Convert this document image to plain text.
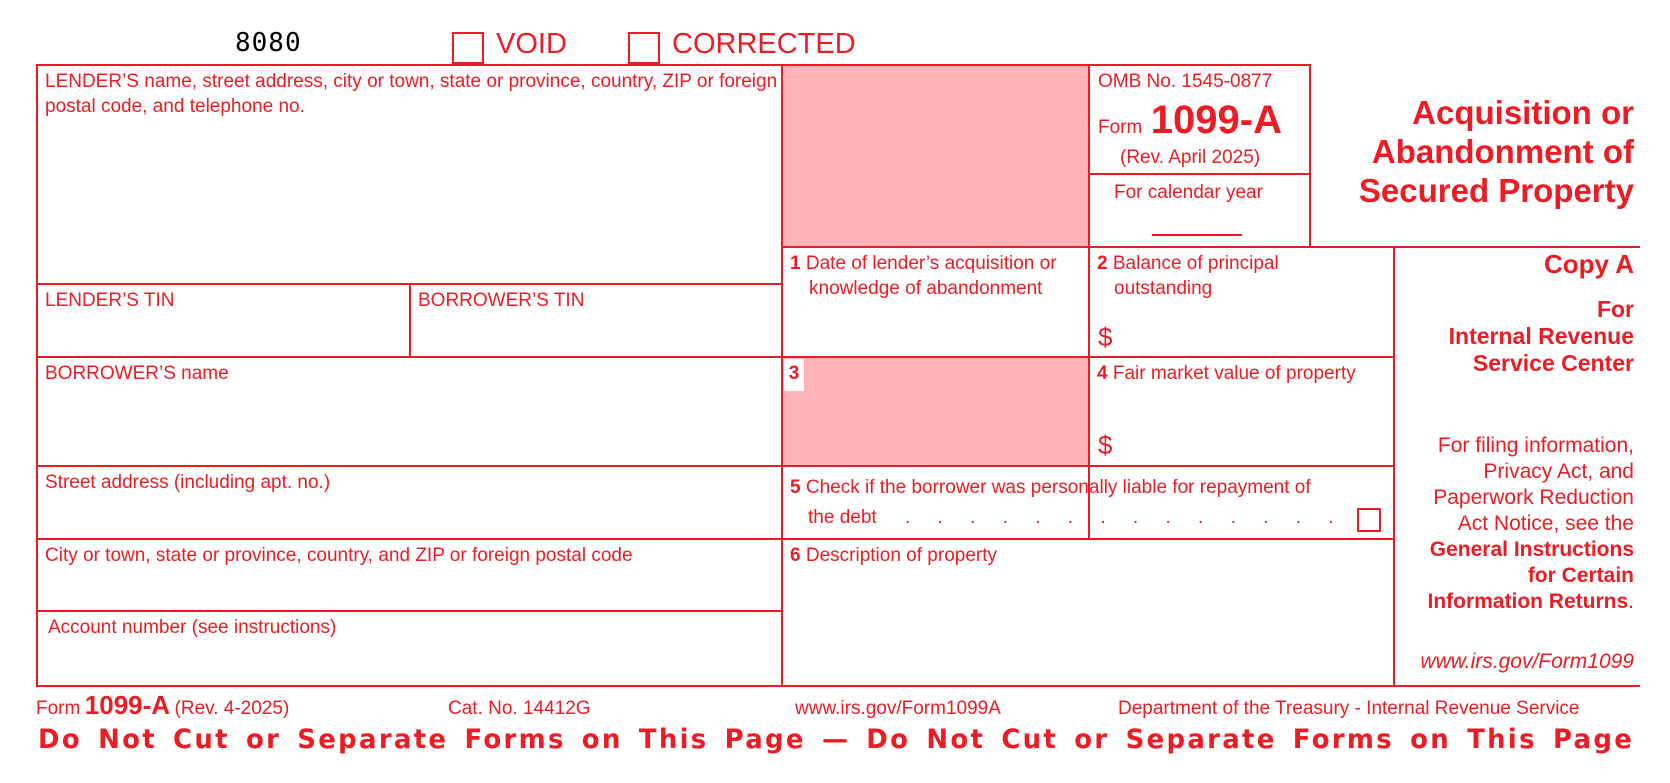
8080	VOID	CORRECTED
LENDER’S name, street address, city or town, state or province, country, ZIP or foreign postal code, and telephone no.
LENDER’S TIN	BORROWER’S TIN
BORROWER’S name
Street address (including apt. no.)
City or town, state or province, country, and ZIP or foreign postal code
Account number (see instructions)
OMB No. 1545-0877
Form 1099-A
(Rev. April 2025)
For calendar year
Acquisition or
Abandonment of
Secured Property
1 Date of lender’s acquisition or
knowledge of abandonment
2 Balance of principal
outstanding
$
3	4 Fair market value of property
$
5 Check if the borrower was personally liable for repayment of
the debt . . . . . . . . . . . . . .
6 Description of property
Copy A
For
Internal Revenue
Service Center
For filing information,
Privacy Act, and
Paperwork Reduction
Act Notice, see the
General Instructions
for Certain
Information Returns.
www.irs.gov/Form1099
Form 1099-A (Rev. 4-2025)	Cat. No. 14412G	www.irs.gov/Form1099A	Department of the Treasury - Internal Revenue Service
Do Not Cut or Separate Forms on This Page — Do Not Cut or Separate Forms on This Page
